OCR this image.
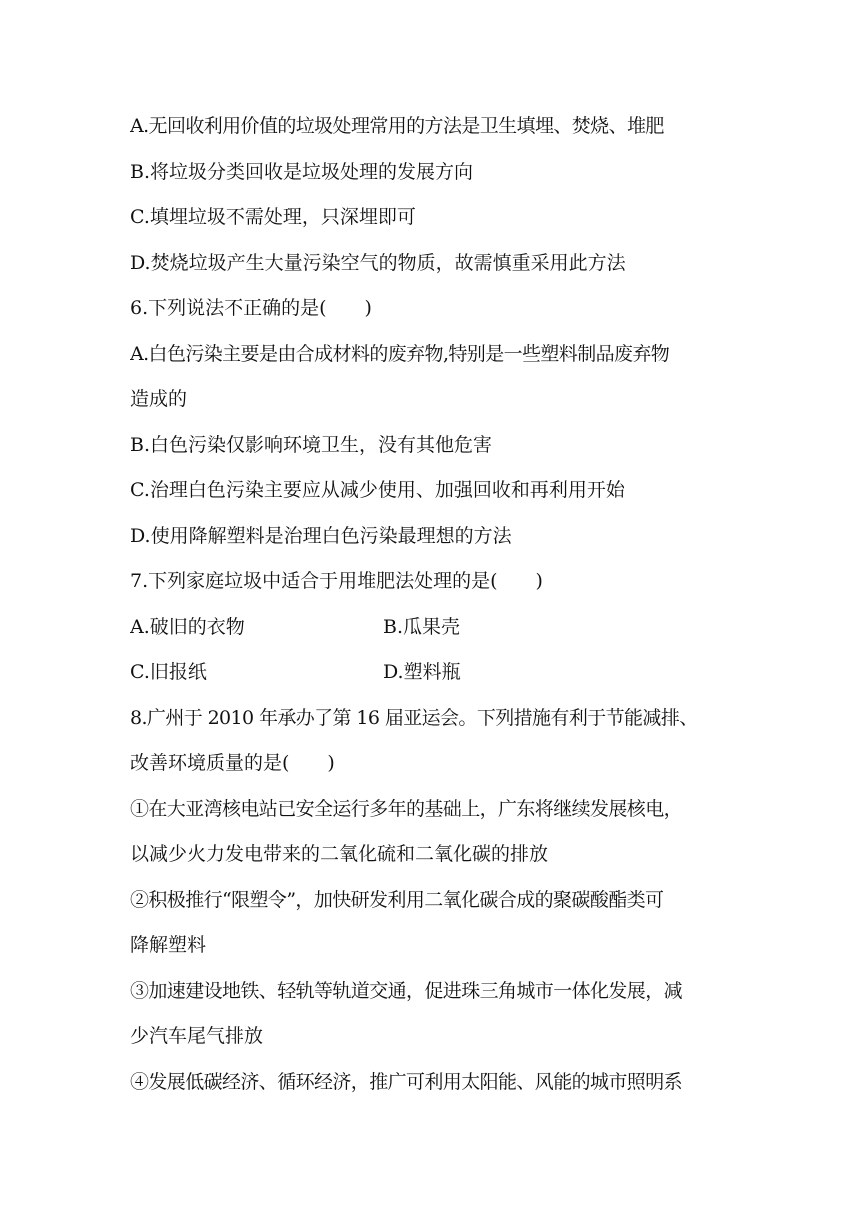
A.无回收利用价值的垃圾处理常用的方法是卫生填埋、焚烧、堆肥
B.将垃圾分类回收是垃圾处理的发展方向
C.填埋垃圾不需处理，只深埋即可
D.焚烧垃圾产生大量污染空气的物质，故需慎重采用此方法
6.下列说法不正确的是(　　)
A.白色污染主要是由合成材料的废弃物,特别是一些塑料制品废弃物
造成的
B.白色污染仅影响环境卫生，没有其他危害
C.治理白色污染主要应从减少使用、加强回收和再利用开始
D.使用降解塑料是治理白色污染最理想的方法
7.下列家庭垃圾中适合于用堆肥法处理的是(　　)
A.破旧的衣物	B.瓜果壳
C.旧报纸	D.塑料瓶
8.广州于 2010 年承办了第 16 届亚运会。下列措施有利于节能减排、
改善环境质量的是(　　)
①在大亚湾核电站已安全运行多年的基础上，广东将继续发展核电，
以减少火力发电带来的二氧化硫和二氧化碳的排放
②积极推行“限塑令”，加快研发利用二氧化碳合成的聚碳酸酯类可
降解塑料
③加速建设地铁、轻轨等轨道交通，促进珠三角城市一体化发展，减
少汽车尾气排放
④发展低碳经济、循环经济，推广可利用太阳能、风能的城市照明系
